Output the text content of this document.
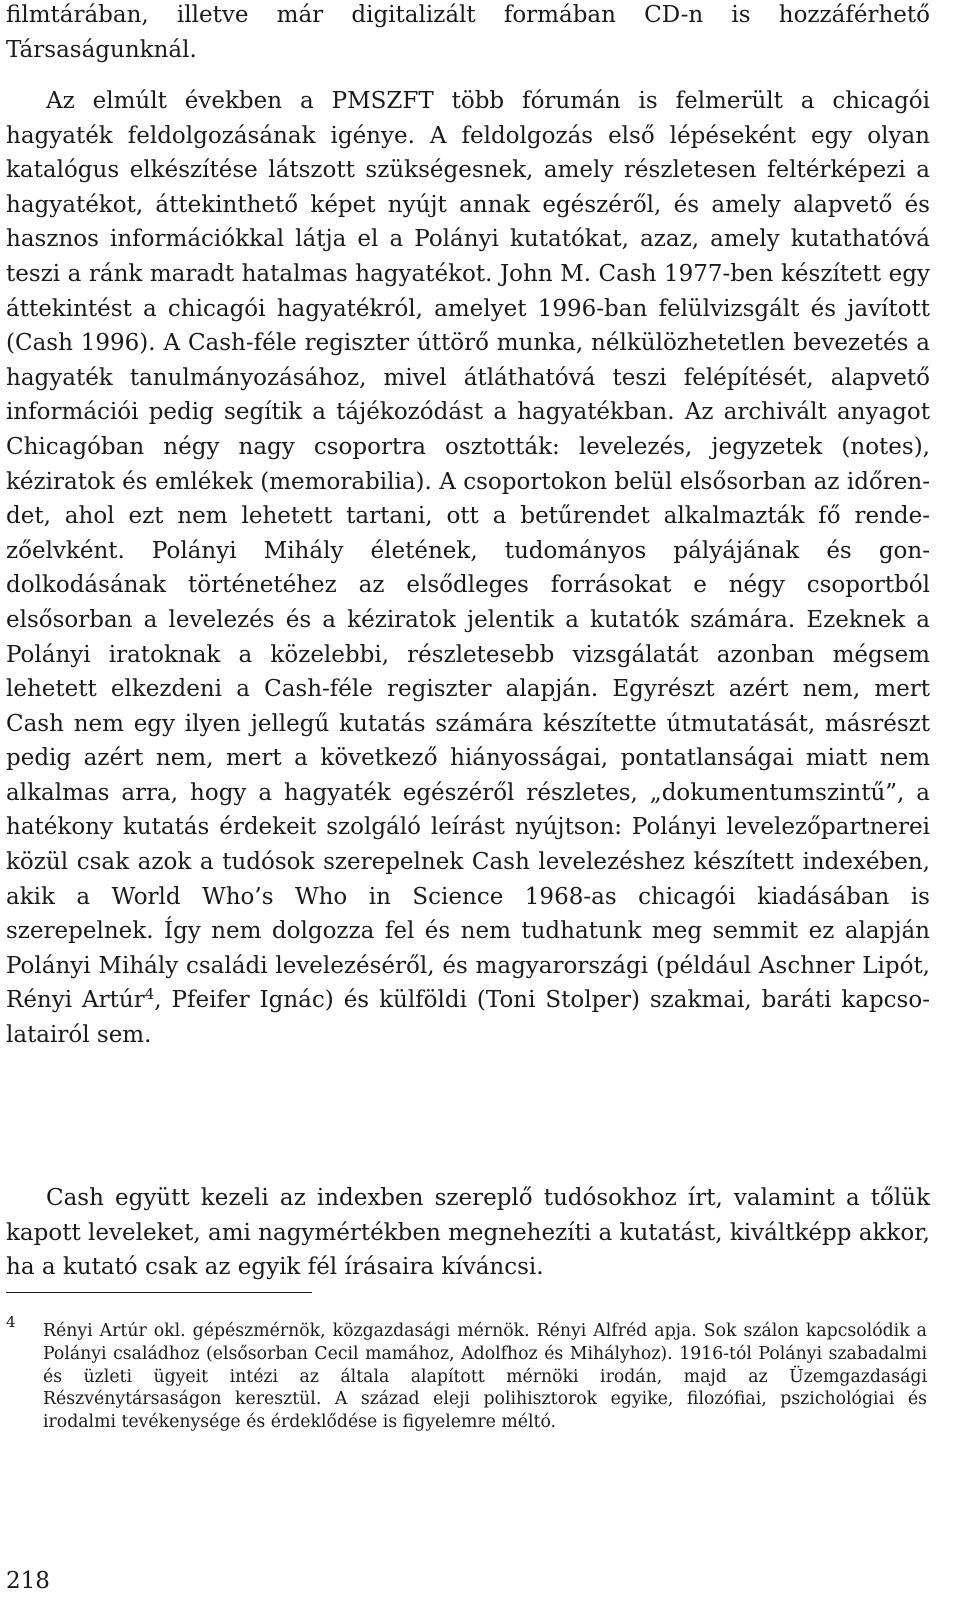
filmtárában, illetve már digitalizált formában CD-n is hozzáférhető Társaságunknál.

Az elmúlt években a PMSZFT több fórumán is felmerült a chicagói hagyaték feldolgozásának igénye. A feldolgozás első lépéseként egy olyan katalógus elkészítése látszott szükségesnek, amely részletesen feltérképezi a hagyatékot, áttekinthető képet nyújt annak egészéről, és amely alapvető és hasznos információkkal látja el a Polányi kutatókat, azaz, amely kutathatóvá teszi a ránk maradt hatalmas hagyatékot. John M. Cash 1977-ben készített egy áttekintést a chicagói hagyatékról, amelyet 1996-ban felülvizsgált és javított (Cash 1996). A Cash-féle regiszter úttörő munka, nélkülözhetetlen bevezetés a hagyaték tanulmányozásához, mivel átláthatóvá teszi felépítését, alapvető információi pedig segítik a tájékozódást a hagyatékban. Az archivált anyagot Chicagóban négy nagy csoportra osztották: levelezés, jegyzetek (notes), kéziratok és emlékek (memorabilia). A csoportokon belül elsősorban az időrendet, ahol ezt nem lehetett tartani, ott a betűrendet alkalmazták fő rendezőelvként. Polányi Mihály életének, tudományos pályájának és gondolkodásának történetéhez az elsődleges forrásokat e négy csoportból elsősorban a levelezés és a kéziratok jelentik a kutatók számára. Ezeknek a Polányi iratoknak a közelebbi, részletesebb vizsgálatát azonban mégsem lehetett elkezdeni a Cash-féle regiszter alapján. Egyrészt azért nem, mert Cash nem egy ilyen jellegű kutatás számára készítette útmutatását, másrészt pedig azért nem, mert a következő hiányosságai, pontatlanságai miatt nem alkalmas arra, hogy a hagyaték egészéről részletes, „dokumentumszintű”, a hatékony kutatás érdekeit szolgáló leírást nyújtson: Polányi levelezőpartnerei közül csak azok a tudósok szerepelnek Cash levelezéshez készített indexében, akik a World Who’s Who in Science 1968-as chicagói kiadásában is szerepelnek. Így nem dolgozza fel és nem tudhatunk meg semmit ez alapján Polányi Mihály családi levelezéséről, és magyarországi (például Aschner Lipót, Rényi Artúr$^4$, Pfeifer Ignác) és külföldi (Toni Stolper) szakmai, baráti kapcsolatairól sem.

Cash együtt kezeli az indexben szereplő tudósokhoz írt, valamint a tőlük kapott leveleket, ami nagymértékben megnehezíti a kutatást, kiváltképp akkor, ha a kutató csak az egyik fél írásaira kíváncsi.

4 Rényi Artúr okl. gépészmérnök, közgazdasági mérnök. Rényi Alfréd apja. Sok szálon kapcsolódik a Polányi családhoz (elsősorban Cecil mamához, Adolfhoz és Mihályhoz). 1916-tól Polányi szabadalmi és üzleti ügyeit intézi az általa alapított mérnöki irodán, majd az Üzemgazdasági Részvénytársaságon keresztül. A század eleji polihisztorok egyike, filozófiai, pszichológiai és irodalmi tevékenysége és érdeklődése is figyelemre méltó.

218
